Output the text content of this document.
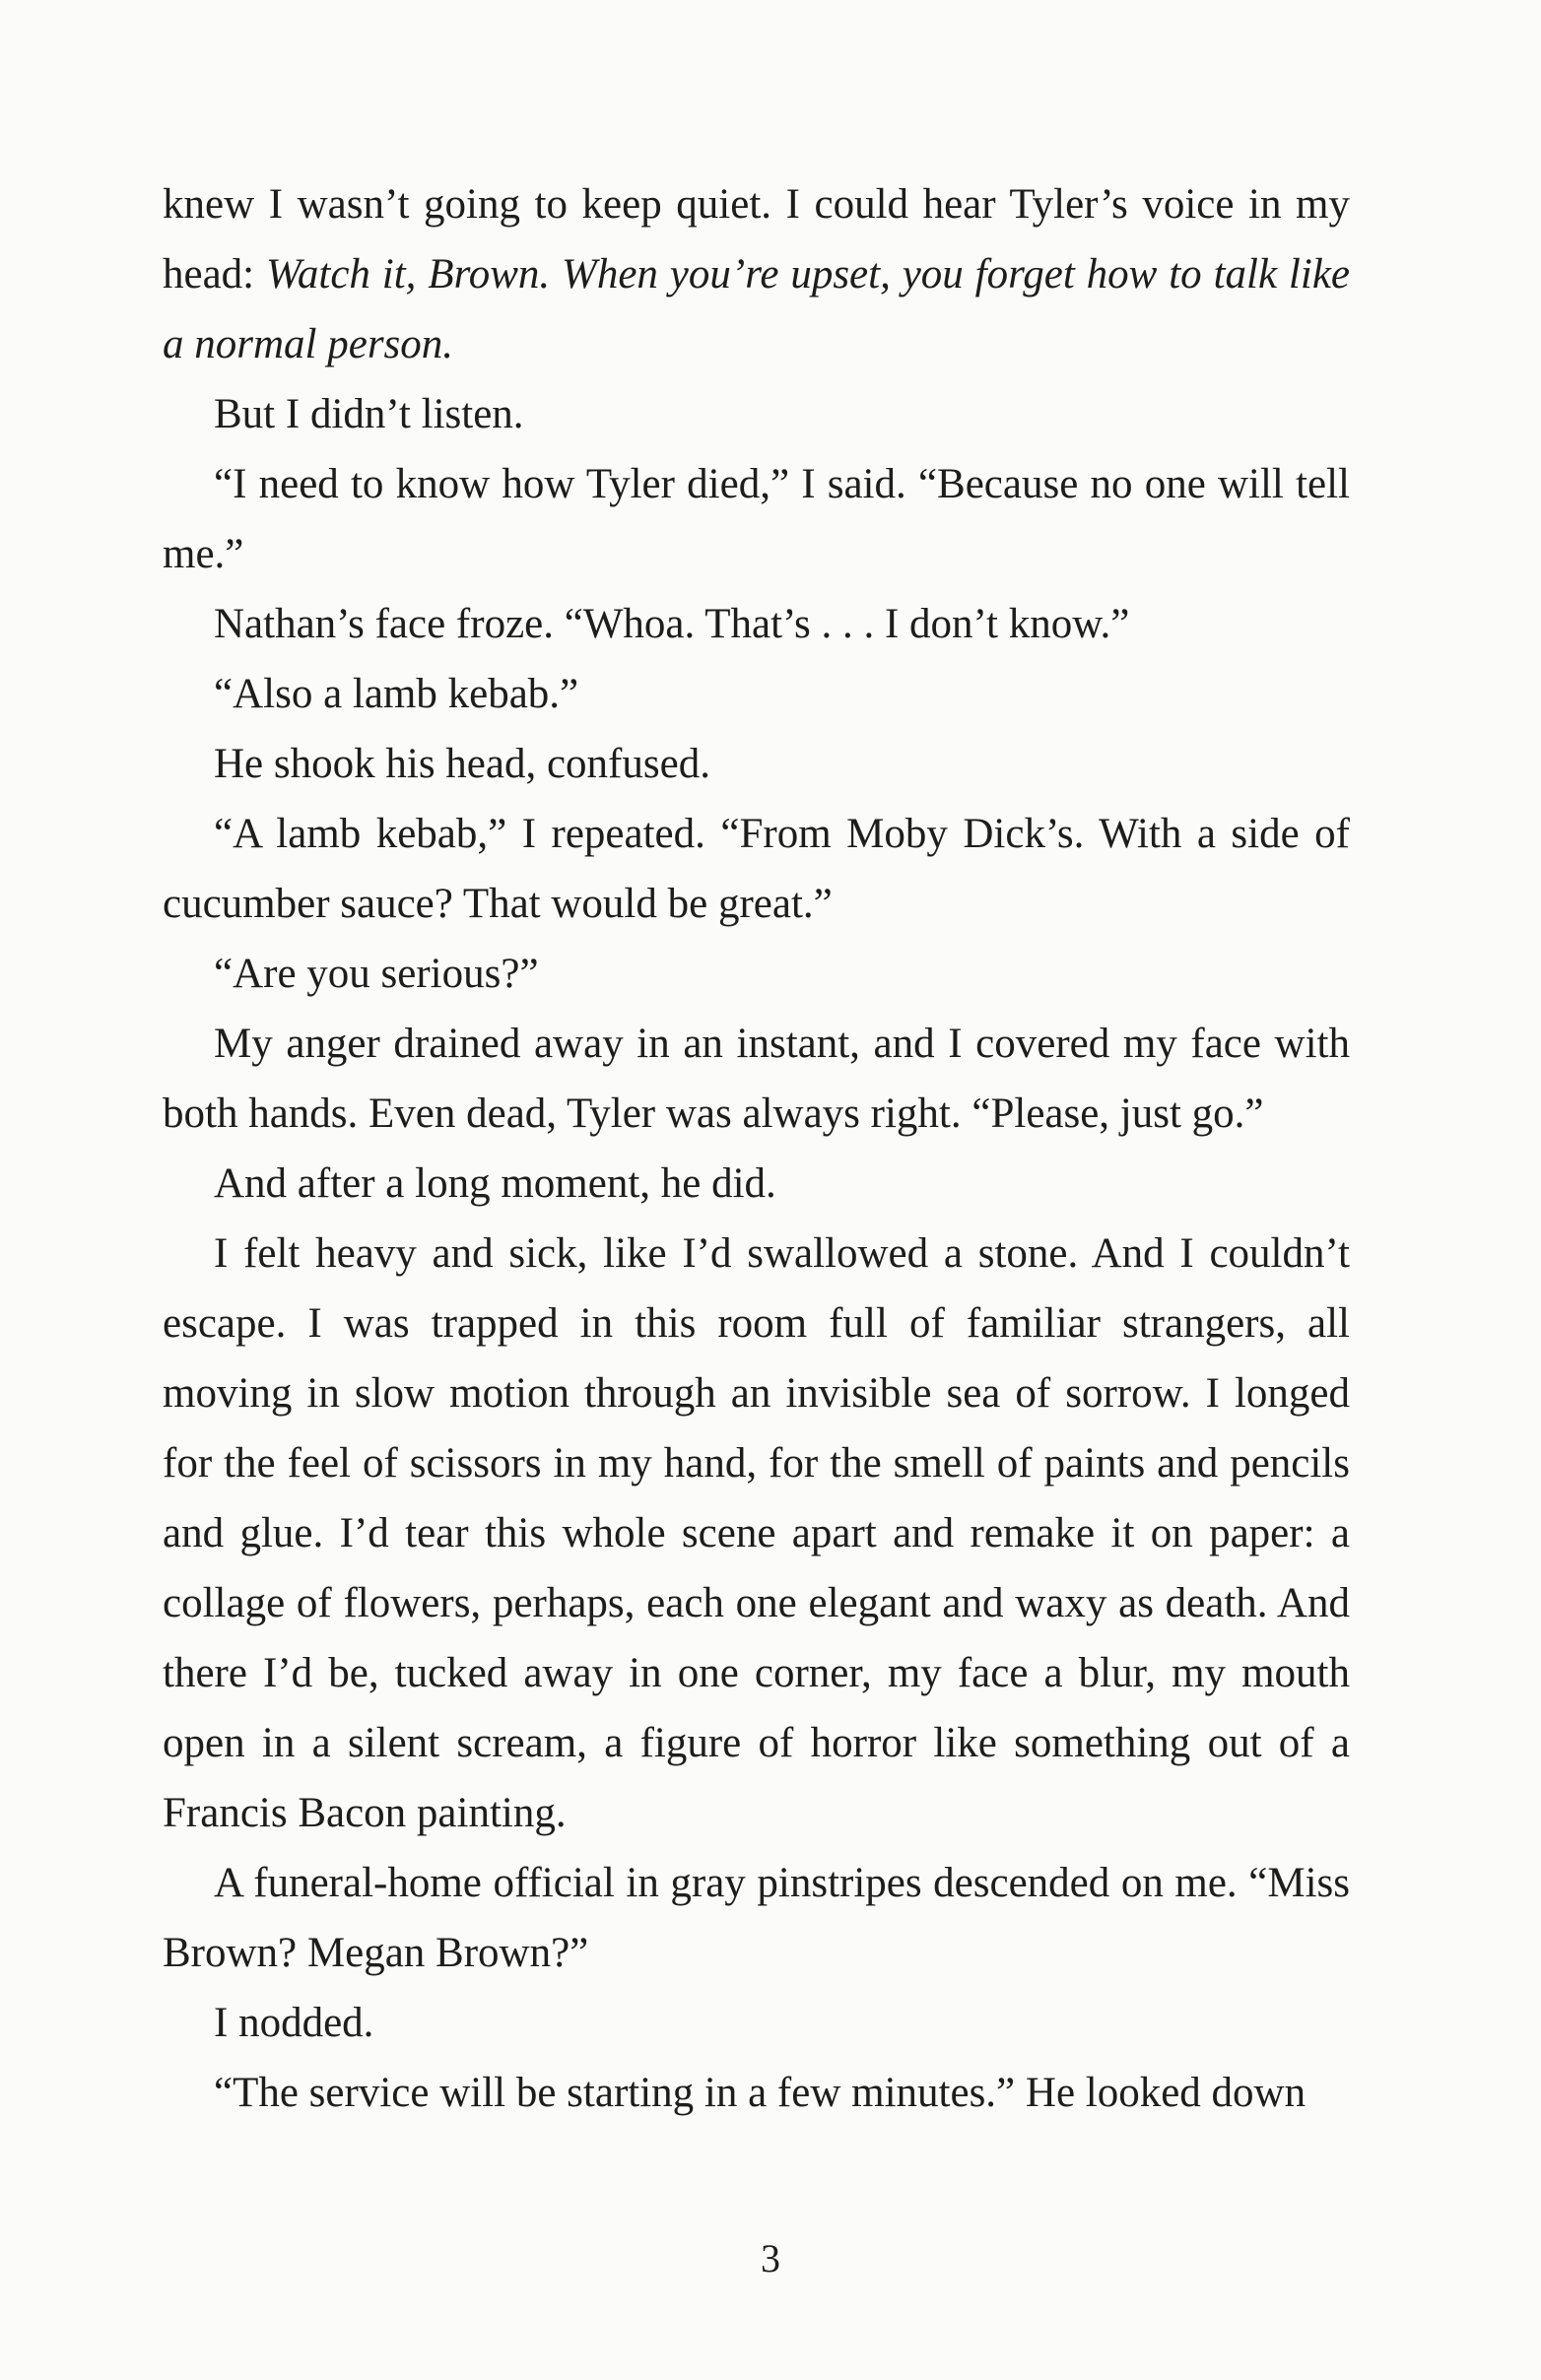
knew I wasn’t going to keep quiet. I could hear Tyler’s voice in my head: Watch it, Brown. When you’re upset, you forget how to talk like a normal person.

But I didn’t listen.

“I need to know how Tyler died,” I said. “Because no one will tell me.”

Nathan’s face froze. “Whoa. That’s . . . I don’t know.”

“Also a lamb kebab.”

He shook his head, confused.

“A lamb kebab,” I repeated. “From Moby Dick’s. With a side of cucumber sauce? That would be great.”

“Are you serious?”

My anger drained away in an instant, and I covered my face with both hands. Even dead, Tyler was always right. “Please, just go.”

And after a long moment, he did.

I felt heavy and sick, like I’d swallowed a stone. And I couldn’t escape. I was trapped in this room full of familiar strangers, all moving in slow motion through an invisible sea of sorrow. I longed for the feel of scissors in my hand, for the smell of paints and pencils and glue. I’d tear this whole scene apart and remake it on paper: a collage of flowers, perhaps, each one elegant and waxy as death. And there I’d be, tucked away in one corner, my face a blur, my mouth open in a silent scream, a figure of horror like something out of a Francis Bacon painting.

A funeral-home official in gray pinstripes descended on me. “Miss Brown? Megan Brown?”

I nodded.

“The service will be starting in a few minutes.” He looked down

3
